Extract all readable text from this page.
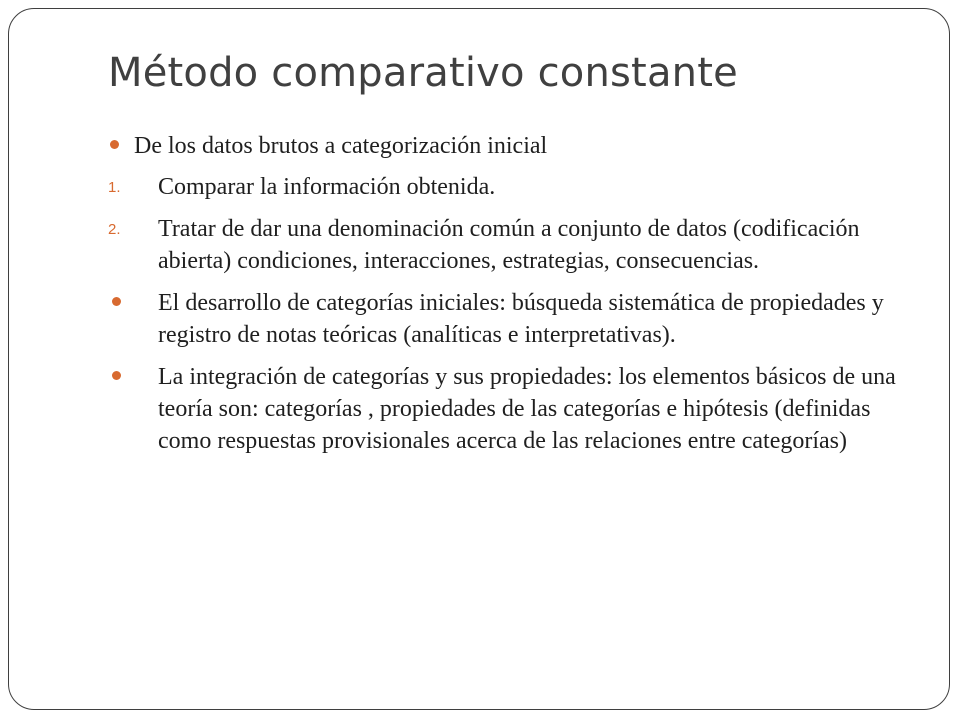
Método comparativo constante
De los datos brutos a categorización inicial
1. Comparar la información obtenida.
2. Tratar de dar una denominación común a conjunto de datos (codificación abierta) condiciones, interacciones, estrategias, consecuencias.
El desarrollo de categorías iniciales: búsqueda sistemática de propiedades y registro de notas teóricas (analíticas e interpretativas).
La integración de categorías y sus propiedades: los elementos básicos de una teoría son: categorías , propiedades de las categorías e hipótesis (definidas como respuestas provisionales acerca de las relaciones entre categorías)
